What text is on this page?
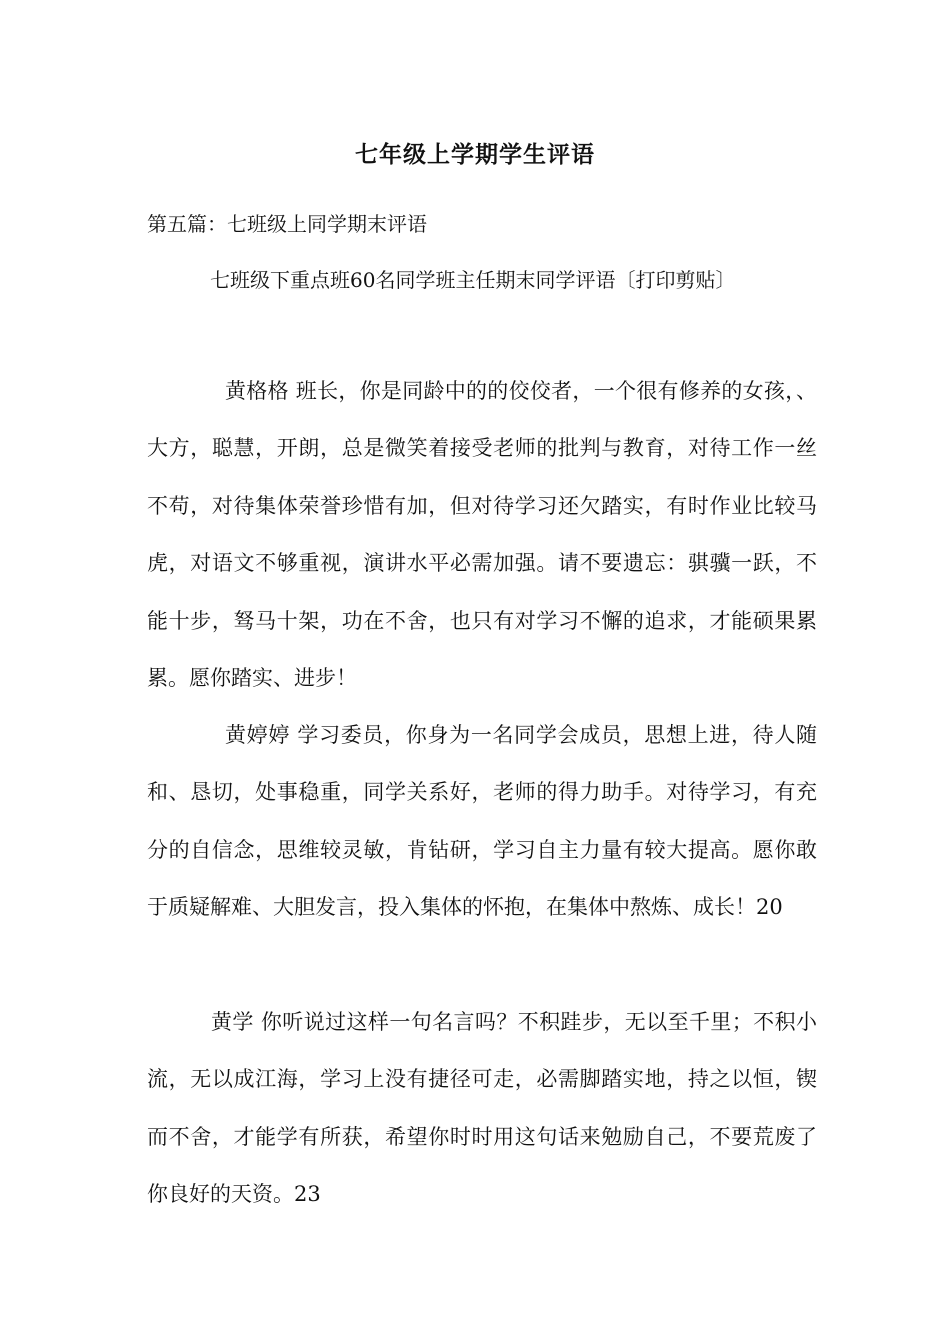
七年级上学期学生评语
第五篇：七班级上同学期末评语
七班级下重点班60名同学班主任期末同学评语〔打印剪贴〕
黄格格 班长，你是同龄中的的佼佼者，一个很有修养的女孩，、大方，聪慧，开朗，总是微笑着接受老师的批判与教育，对待工作一丝不苟，对待集体荣誉珍惜有加，但对待学习还欠踏实，有时作业比较马虎，对语文不够重视，演讲水平必需加强。请不要遗忘：骐骥一跃，不能十步，驽马十架，功在不舍，也只有对学习不懈的追求，才能硕果累累。愿你踏实、进步！
黄婷婷 学习委员，你身为一名同学会成员，思想上进，待人随和、恳切，处事稳重，同学关系好，老师的得力助手。对待学习，有充分的自信念，思维较灵敏，肯钻研，学习自主力量有较大提高。愿你敢于质疑解难、大胆发言，投入集体的怀抱，在集体中熬炼、成长！20
黄学 你听说过这样一句名言吗？不积跬步，无以至千里；不积小流，无以成江海，学习上没有捷径可走，必需脚踏实地，持之以恒，锲而不舍，才能学有所获，希望你时时用这句话来勉励自己，不要荒废了你良好的天资。23
